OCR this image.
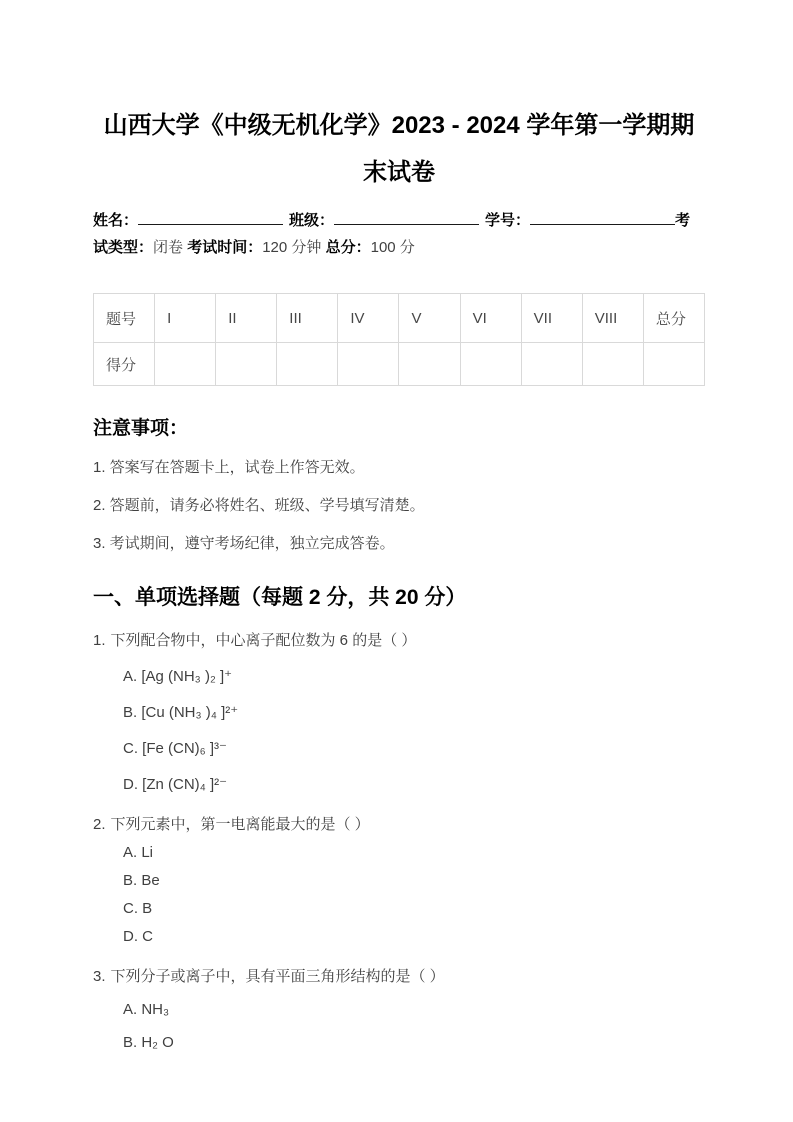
山西大学《中级无机化学》2023 - 2024 学年第一学期期末试卷

姓名：	班级：	学号：	考试类型：闭卷 考试时间：120 分钟 总分：100 分

题号	I	II	III	IV	V	VI	VII	VIII	总分
得分									
注意事项：
1. 答案写在答题卡上，试卷上作答无效。
2. 答题前，请务必将姓名、班级、学号填写清楚。
3. 考试期间，遵守考场纪律，独立完成答卷。
一、单项选择题（每题 2 分，共 20 分）
1. 下列配合物中，中心离子配位数为 6 的是（ ）
A. [Ag (NH₃ )₂ ]⁺
B. [Cu (NH₃ )₄ ]²⁺
C. [Fe (CN)₆ ]³⁻
D. [Zn (CN)₄ ]²⁻
2. 下列元素中，第一电离能最大的是（ ）
A. Li
B. Be
C. B
D. C
3. 下列分子或离子中，具有平面三角形结构的是（ ）
A. NH₃
B. H₂ O
